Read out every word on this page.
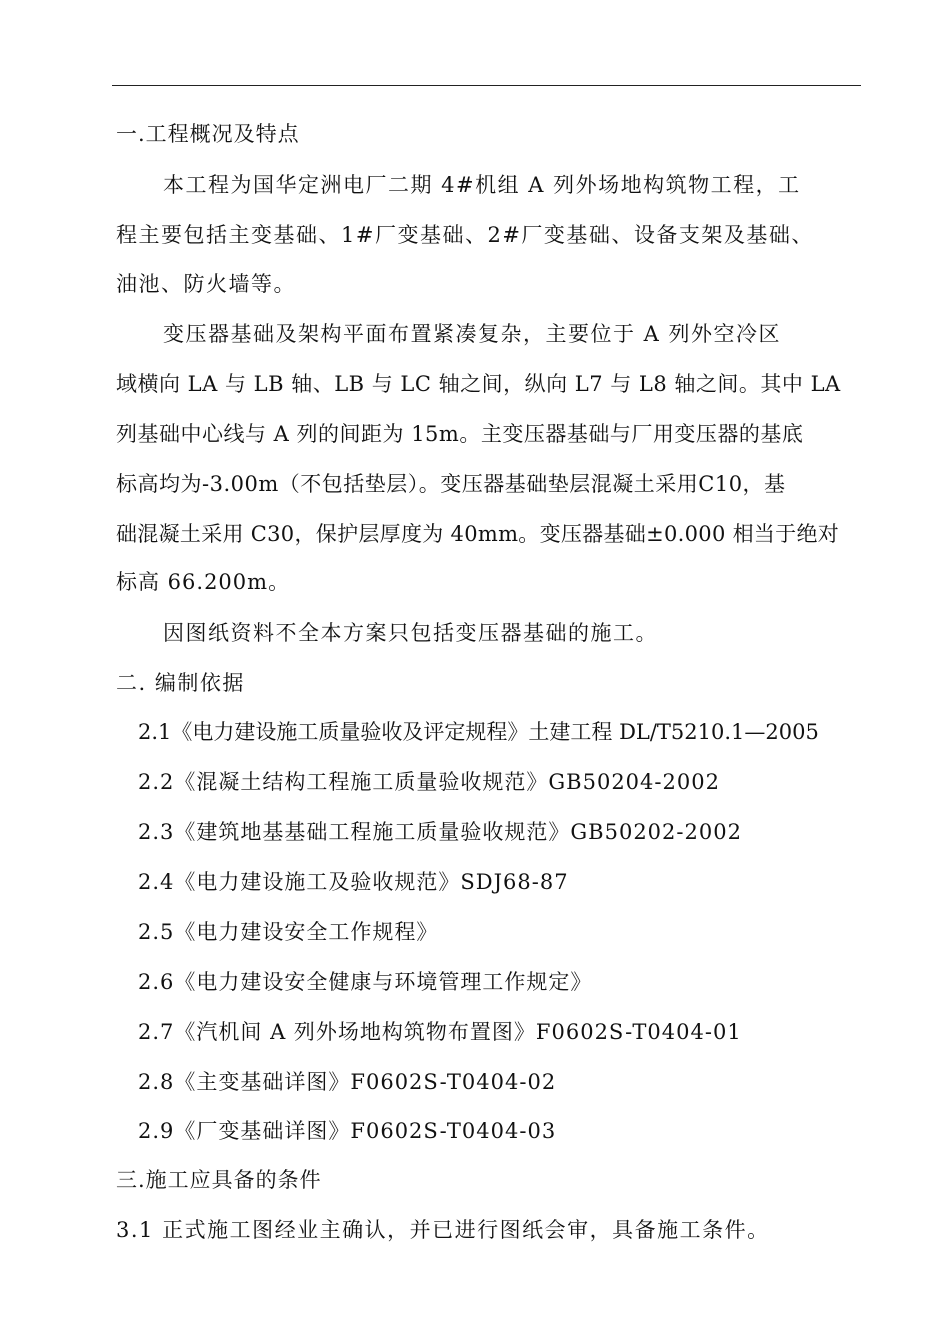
一.工程概况及特点
本工程为国华定洲电厂二期 4#机组 A 列外场地构筑物工程，工
程主要包括主变基础、1#厂变基础、2#厂变基础、设备支架及基础、
油池、防火墙等。
变压器基础及架构平面布置紧凑复杂，主要位于 A 列外空冷区
域横向 LA 与 LB 轴、LB 与 LC 轴之间，纵向 L7 与 L8 轴之间。其中 LA
列基础中心线与 A 列的间距为 15m。主变压器基础与厂用变压器的基底
标高均为-3.00m（不包括垫层）。变压器基础垫层混凝土采用C10，基
础混凝土采用 C30，保护层厚度为 40mm。变压器基础±0.000 相当于绝对
标高 66.200m。
因图纸资料不全本方案只包括变压器基础的施工。
二. 编制依据
2.1《电力建设施工质量验收及评定规程》土建工程 DL/T5210.1—2005
2.2《混凝土结构工程施工质量验收规范》GB50204-2002
2.3《建筑地基基础工程施工质量验收规范》GB50202-2002
2.4《电力建设施工及验收规范》SDJ68-87
2.5《电力建设安全工作规程》
2.6《电力建设安全健康与环境管理工作规定》
2.7《汽机间 A 列外场地构筑物布置图》F0602S-T0404-01
2.8《主变基础详图》F0602S-T0404-02
2.9《厂变基础详图》F0602S-T0404-03
三.施工应具备的条件
3.1 正式施工图经业主确认，并已进行图纸会审，具备施工条件。
